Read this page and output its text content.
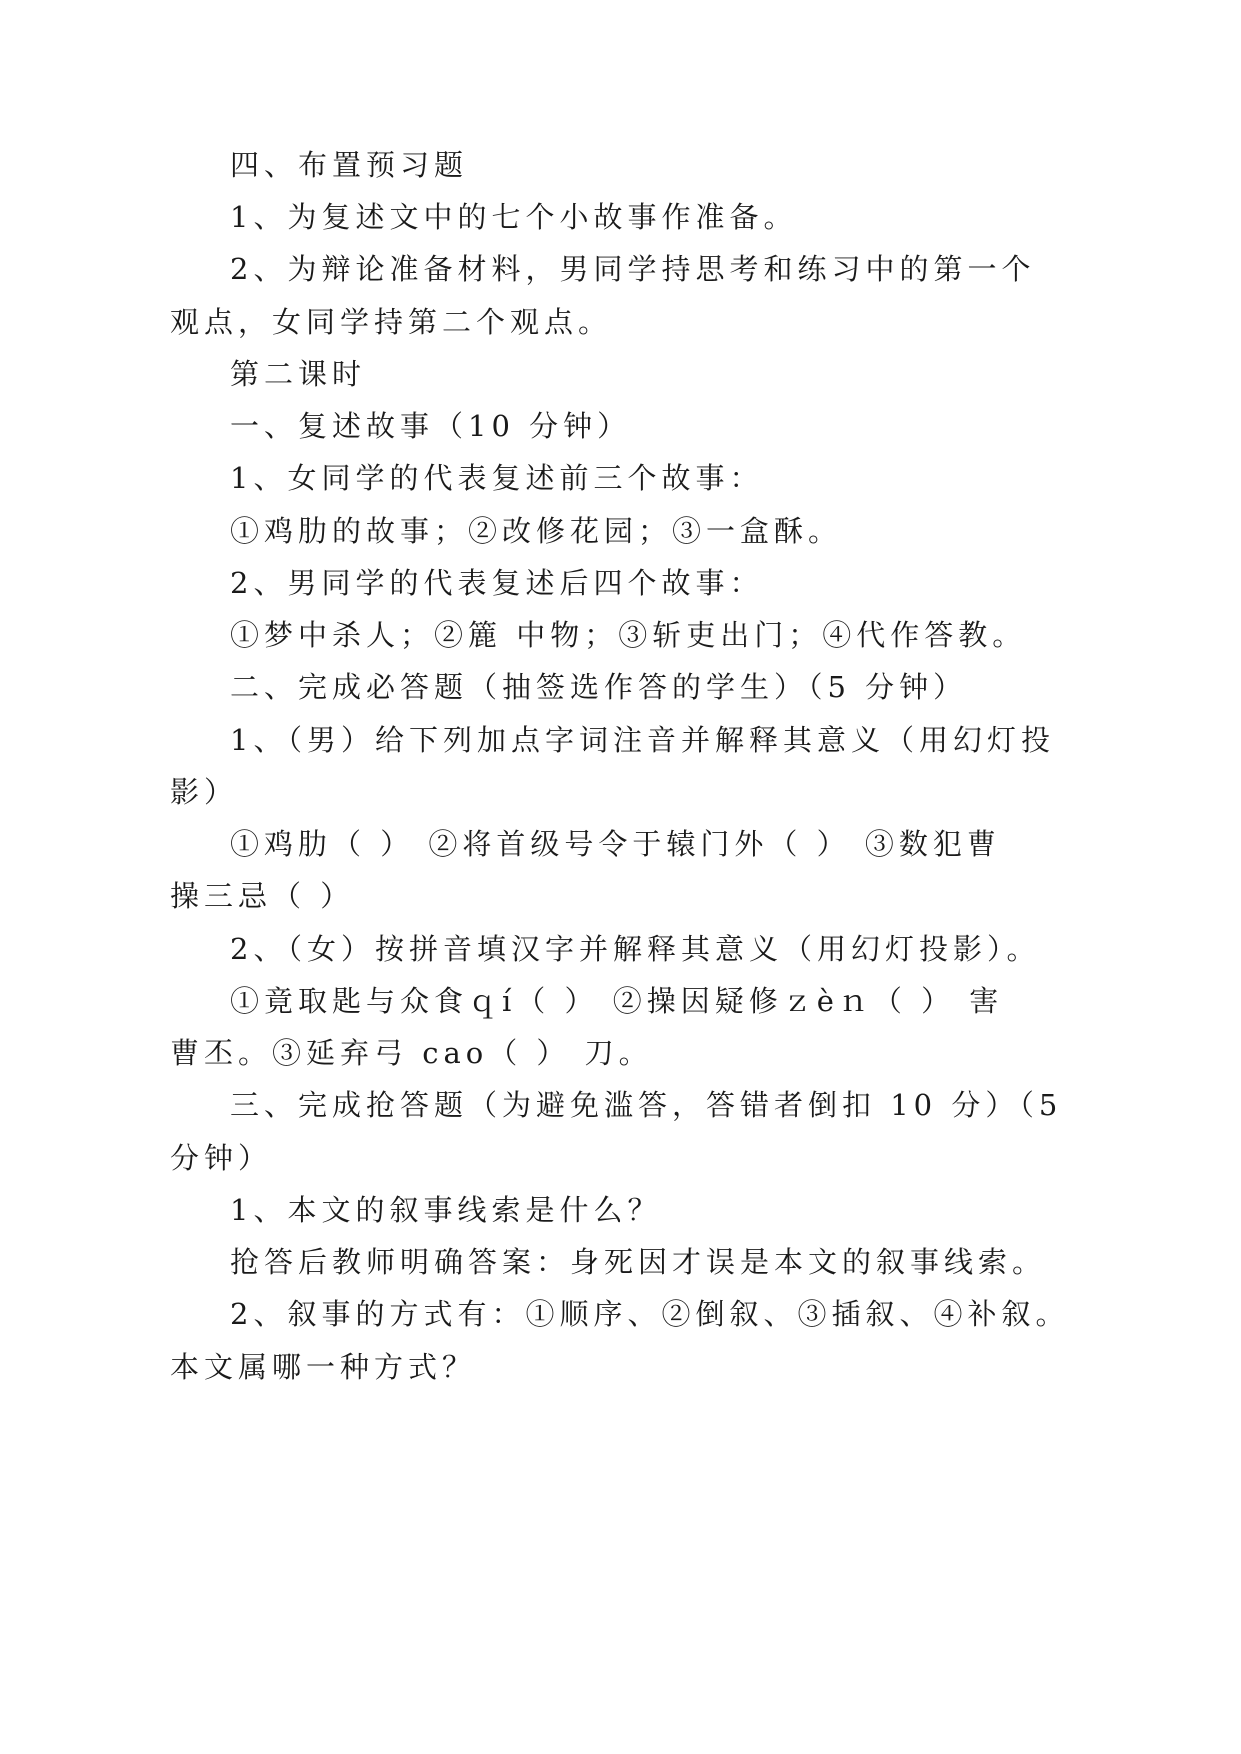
四、布置预习题
1、为复述文中的七个小故事作准备。
2、为辩论准备材料，男同学持思考和练习中的第一个
观点，女同学持第二个观点。
第二课时
一、复述故事（10 分钟）
1、女同学的代表复述前三个故事：
①鸡肋的故事；②改修花园；③一盒酥。
2、男同学的代表复述后四个故事：
①梦中杀人；②簏 中物；③斩吏出门；④代作答教。
二、完成必答题（抽签选作答的学生）（5 分钟）
1、（男）给下列加点字词注音并解释其意义（用幻灯投
影）
①鸡肋（ ） ②将首级号令于辕门外（ ） ③数犯曹
操三忌（ ）
2、（女）按拼音填汉字并解释其意义（用幻灯投影）。
①竟取匙与众食ｑí（ ） ②操因疑修ｚèｎ（ ） 害
曹丕。③延弃弓 cao（ ） 刀。
三、完成抢答题（为避免滥答，答错者倒扣 10 分）（5
分钟）
1、本文的叙事线索是什么？
抢答后教师明确答案：身死因才误是本文的叙事线索。
2、叙事的方式有：①顺序、②倒叙、③插叙、④补叙。
本文属哪一种方式？
